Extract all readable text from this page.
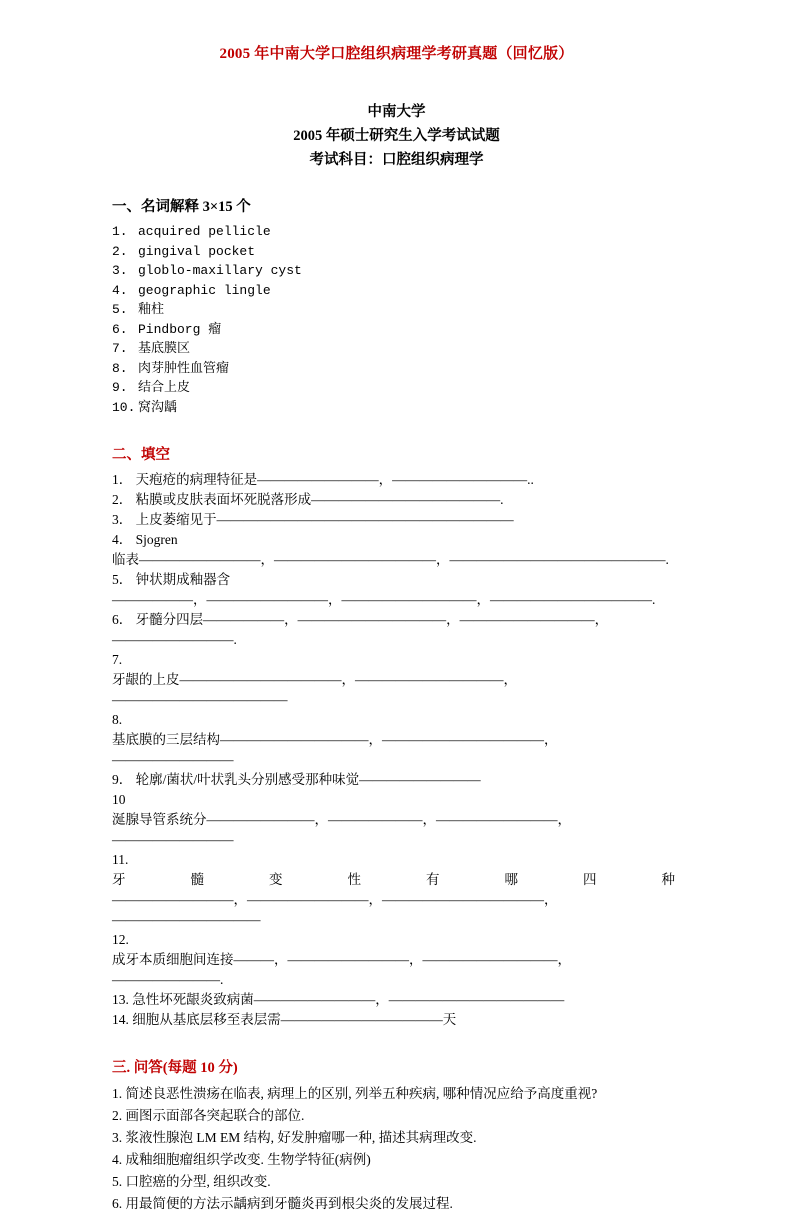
2005 年中南大学口腔组织病理学考研真题（回忆版）
中南大学
2005 年硕士研究生入学考试试题
考试科目：口腔组织病理学
一、名词解释 3×15 个
1. acquired pellicle
2. gingival pocket
3. globlo-maxillary cyst
4. geographic lingle
5. 釉柱
6. Pindborg 瘤
7. 基底膜区
8. 肉芽肿性血管瘤
9. 结合上皮
10. 窝沟龋
二、填空
1． 天疱疮的病理特征是—————————，——————————..
2． 粘膜或皮肤表面坏死脱落形成——————————————.
3． 上皮萎缩见于——————————————————————
4． Sjogren
临表—————————，————————————，————————————————.
5． 钟状期成釉器含
——————，—————————，——————————，————————————.
6． 牙髓分四层——————，———————————，——————————，
—————————.
7.
牙龈的上皮————————————，———————————，—————————————
8.
基底膜的三层结构———————————，————————————，—————————
9． 轮廓/菌状/叶状乳头分别感受那种味觉—————————
10
涎腺导管系统分————————，———————，—————————，—————————
11.
牙	髓	变	性	有	哪	四	种
—————————，—————————，————————————，———————————
12.
成牙本质细胞间连接———，—————————，——————————，————————.
13. 急性坏死龈炎致病菌—————————，—————————————
14. 细胞从基底层移至表层需————————————天
三. 问答(每题 10 分)
1. 简述良恶性溃疡在临表, 病理上的区别, 列举五种疾病, 哪种情况应给予高度重视?
2. 画图示面部各突起联合的部位.
3. 浆液性腺泡 LM EM 结构, 好发肿瘤哪一种, 描述其病理改变.
4. 成釉细胞瘤组织学改变. 生物学特征(病例)
5. 口腔癌的分型, 组织改变.
6. 用最简便的方法示龋病到牙髓炎再到根尖炎的发展过程.
